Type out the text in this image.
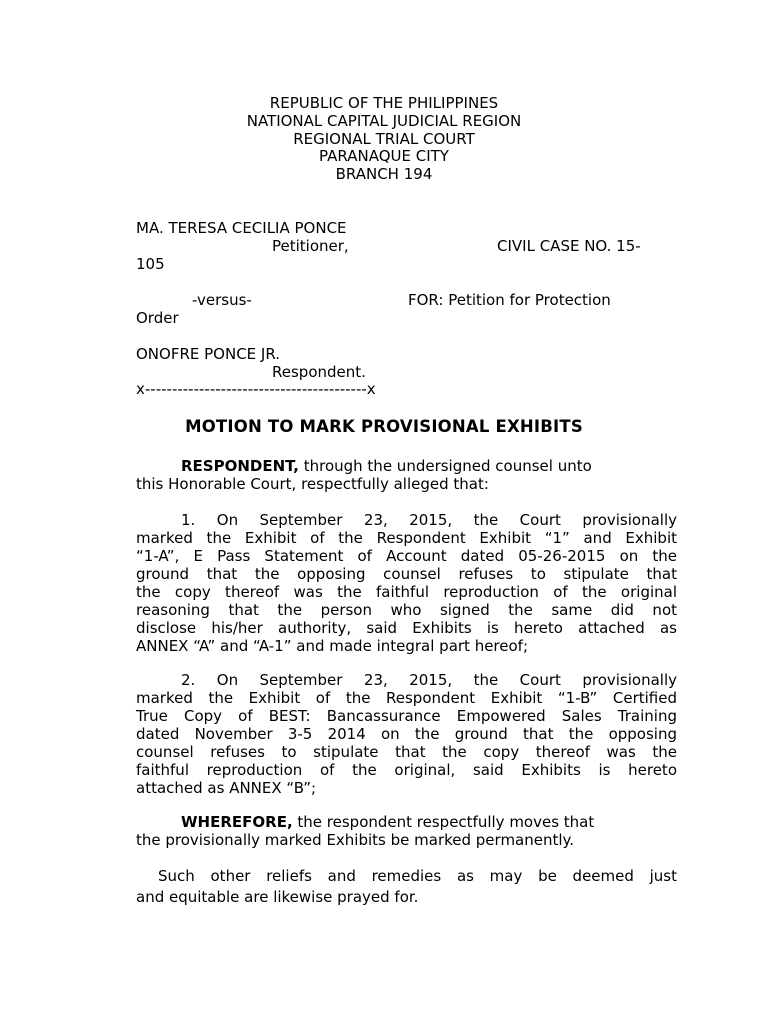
REPUBLIC OF THE PHILIPPINES
NATIONAL CAPITAL JUDICIAL REGION
REGIONAL TRIAL COURT
PARANAQUE CITY
BRANCH 194
MA. TERESA CECILIA PONCE
Petitioner,	CIVIL CASE NO. 15-
105
-versus-	FOR: Petition for Protection
Order
ONOFRE PONCE JR.
Respondent.
x-----------------------------------------x
MOTION TO MARK PROVISIONAL EXHIBITS
RESPONDENT, through the undersigned counsel unto
this Honorable Court, respectfully alleged that:
1. On September 23, 2015, the Court provisionally
marked the Exhibit of the Respondent Exhibit “1” and Exhibit
“1-A”, E Pass Statement of Account dated 05-26-2015 on the
ground that the opposing counsel refuses to stipulate that
the copy thereof was the faithful reproduction of the original
reasoning that the person who signed the same did not
disclose his/her authority, said Exhibits is hereto attached as
ANNEX “A” and “A-1” and made integral part hereof;
2. On September 23, 2015, the Court provisionally
marked the Exhibit of the Respondent Exhibit “1-B” Certified
True Copy of BEST: Bancassurance Empowered Sales Training
dated November 3-5 2014 on the ground that the opposing
counsel refuses to stipulate that the copy thereof was the
faithful reproduction of the original, said Exhibits is hereto
attached as ANNEX “B”;
WHEREFORE, the respondent respectfully moves that
the provisionally marked Exhibits be marked permanently.
Such other reliefs and remedies as may be deemed just
and equitable are likewise prayed for.
